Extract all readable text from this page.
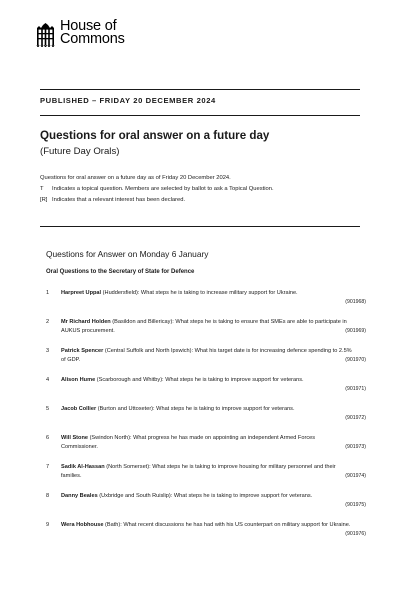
House of
Commons
PUBLISHED – FRIDAY 20 DECEMBER 2024
Questions for oral answer on a future day
(Future Day Orals)
Questions for oral answer on a future day as of Friday 20 December 2024.
T	Indicates a topical question. Members are selected by ballot to ask a Topical Question.
[R] Indicates that a relevant interest has been declared.
Questions for Answer on Monday 6 January
Oral Questions to the Secretary of State for Defence
1	Harpreet Uppal (Huddersfield): What steps he is taking to increase military support for Ukraine.
(901968)
2	Mr Richard Holden (Basildon and Billericay): What steps he is taking to ensure that SMEs are able to participate in AUKUS procurement.	(901969)
3	Patrick Spencer (Central Suffolk and North Ipswich): What his target date is for increasing defence spending to 2.5% of GDP.	(901970)
4	Alison Hume (Scarborough and Whitby): What steps he is taking to improve support for veterans.
(901971)
5	Jacob Collier (Burton and Uttoxeter): What steps he is taking to improve support for veterans.
(901972)
6	Will Stone (Swindon North): What progress he has made on appointing an independent Armed Forces Commissioner.	(901973)
7	Sadik Al-Hassan (North Somerset): What steps he is taking to improve housing for military personnel and their families.	(901974)
8	Danny Beales (Uxbridge and South Ruislip): What steps he is taking to improve support for veterans.
(901975)
9	Wera Hobhouse (Bath): What recent discussions he has had with his US counterpart on military support for Ukraine.
(901976)
